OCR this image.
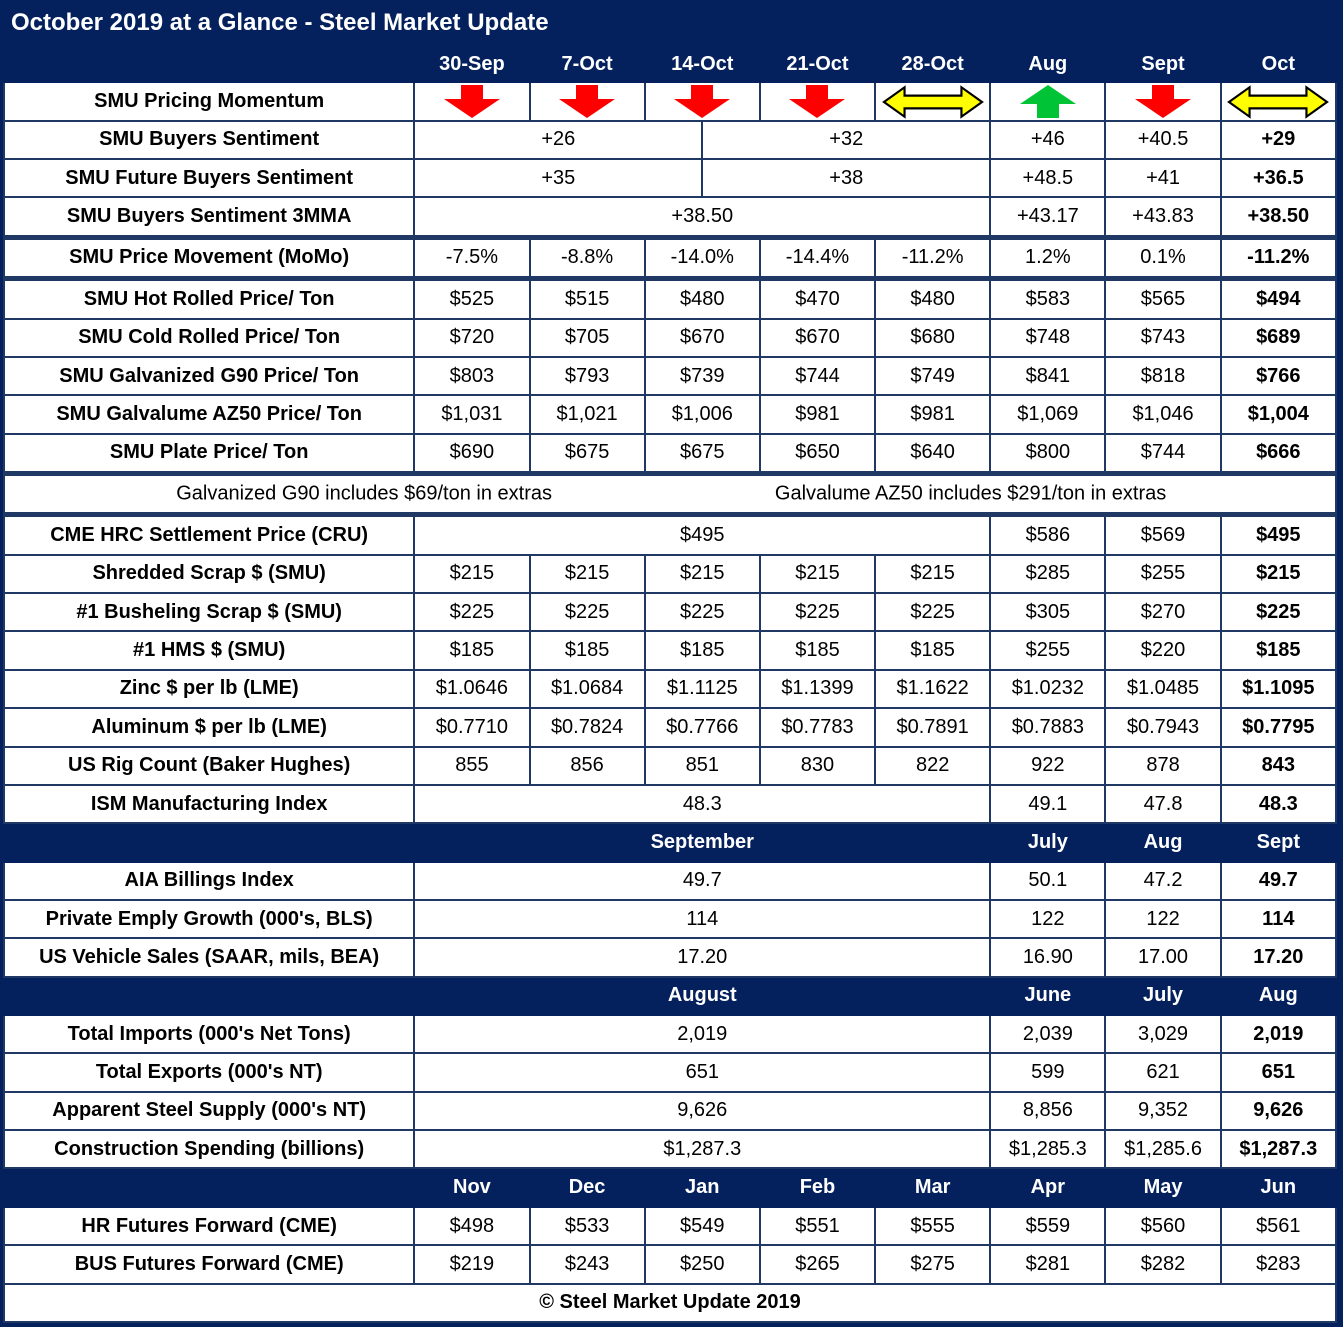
October 2019 at a Glance - Steel Market Update
	30-Sep	7-Oct	14-Oct		21-Oct	28-Oct	Aug	Sept	Oct
SMU Pricing Momentum	

SMU Buyers Sentiment	+26			+32			+46	+40.5	+29
SMU Future Buyers Sentiment	+35			+38			+48.5	+41	+36.5
SMU Buyers Sentiment 3MMA	+38.50						+43.17	+43.83	+38.50
SMU Price Movement (MoMo)	-7.5%	-8.8%	-14.0%		-14.4%	-11.2%	1.2%	0.1%	-11.2%
SMU Hot Rolled Price/ Ton	$525	$515	$480		$470	$480	$583	$565	$494
SMU Cold Rolled Price/ Ton	$720	$705	$670		$670	$680	$748	$743	$689
SMU Galvanized G90 Price/ Ton	$803	$793	$739		$744	$749	$841	$818	$766
SMU Galvalume AZ50 Price/ Ton	$1,031	$1,021	$1,006		$981	$981	$1,069	$1,046	$1,004
SMU Plate Price/ Ton	$690	$675	$675		$650	$640	$800	$744	$666

Galvanized G90 includes $69/ton in extras Galvalume AZ50 includes $291/ton in extras									

CME HRC Settlement Price (CRU)	$495						$586	$569	$495
Shredded Scrap $ (SMU)	$215	$215	$215		$215	$215	$285	$255	$215
#1 Busheling Scrap $ (SMU)	$225	$225	$225		$225	$225	$305	$270	$225
#1 HMS $ (SMU)	$185	$185	$185		$185	$185	$255	$220	$185
Zinc $ per lb (LME)	$1.0646	$1.0684	$1.1125		$1.1399	$1.1622	$1.0232	$1.0485	$1.1095
Aluminum $ per lb (LME)	$0.7710	$0.7824	$0.7766		$0.7783	$0.7891	$0.7883	$0.7943	$0.7795
US Rig Count (Baker Hughes)	855	856	851		830	822	922	878	843
ISM Manufacturing Index	48.3						49.1	47.8	48.3
	September						July	Aug	Sept
AIA Billings Index	49.7						50.1	47.2	49.7
Private Emply Growth (000's, BLS)	114						122	122	114
US Vehicle Sales (SAAR, mils, BEA)	17.20						16.90	17.00	17.20
	August						June	July	Aug
Total Imports (000's Net Tons)	2,019						2,039	3,029	2,019
Total Exports (000's NT)	651						599	621	651
Apparent Steel Supply (000's NT)	9,626						8,856	9,352	9,626
Construction Spending (billions)	$1,287.3						$1,285.3	$1,285.6	$1,287.3
	Nov	Dec	Jan		Feb	Mar	Apr	May	Jun
HR Futures Forward (CME)	$498	$533	$549		$551	$555	$559	$560	$561
BUS Futures Forward (CME)	$219	$243	$250		$265	$275	$281	$282	$283
© Steel Market Update 2019									
